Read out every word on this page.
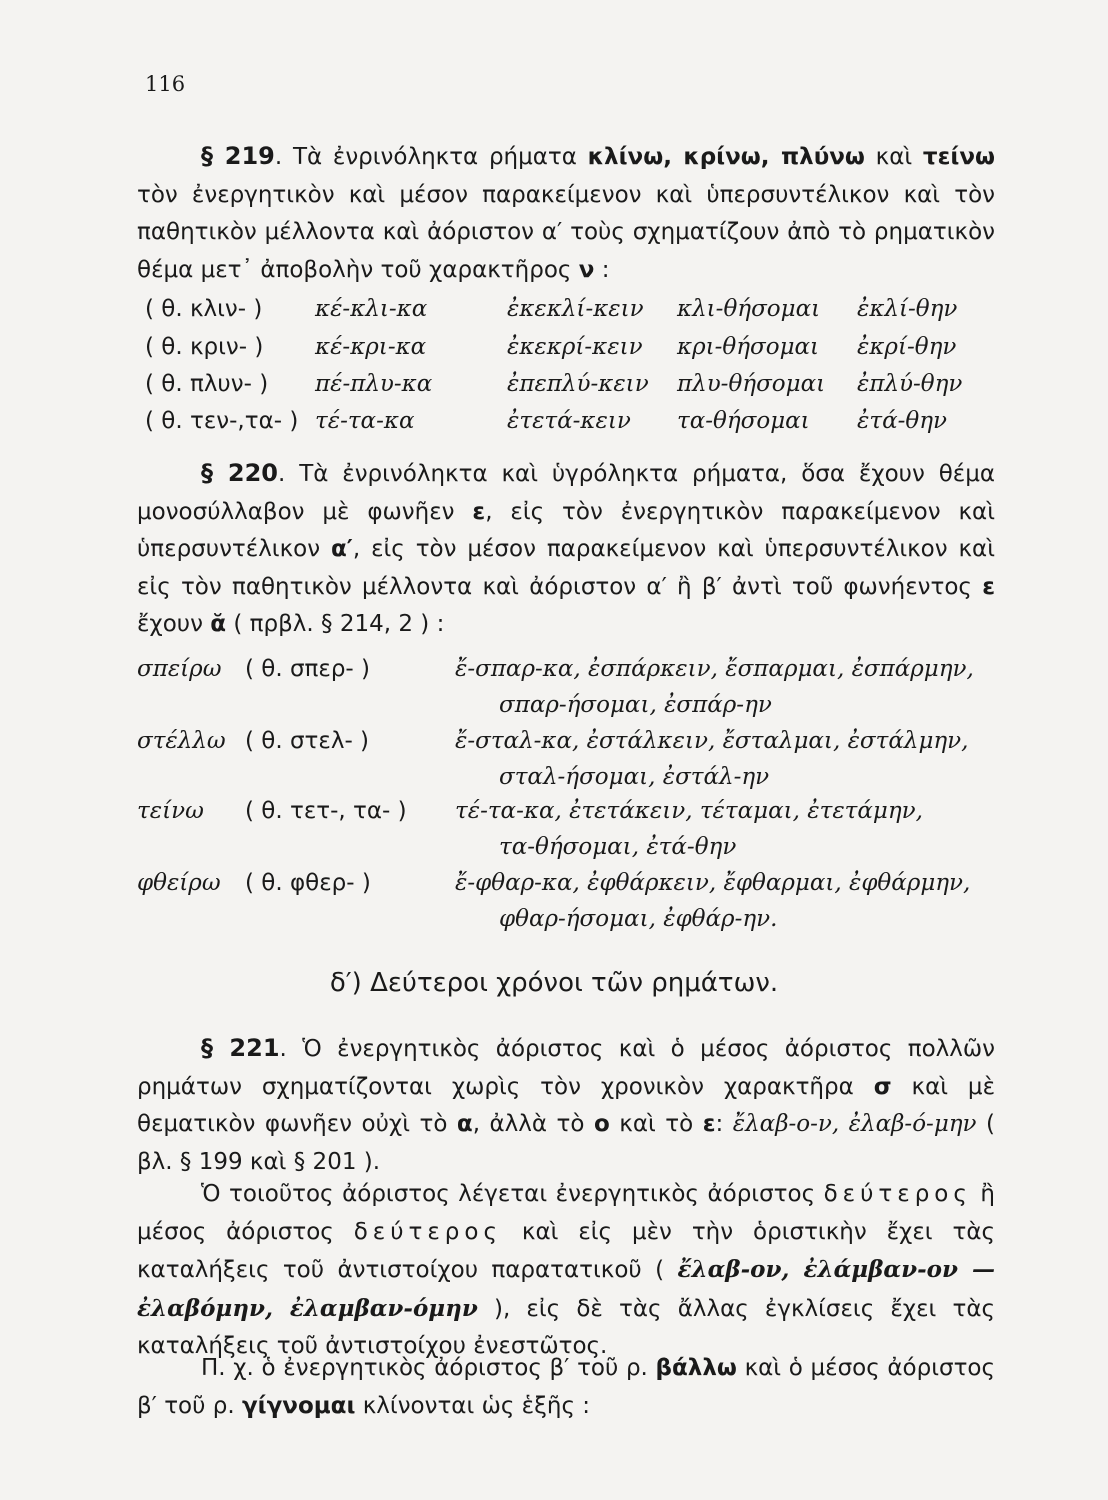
116
§ 219. Τὰ ἐνρινόληκτα ρήματα κλίνω, κρίνω, πλύνω καὶ τείνω τὸν ἐνεργητικὸν καὶ μέσον παρακείμενον καὶ ὑπερσυντέλικον καὶ τὸν παθητικὸν μέλλοντα καὶ ἀόριστον α′ τοὺς σχηματίζουν ἀπὸ τὸ ρηματικὸν θέμα μετ᾿ ἀποβολὴν τοῦ χαρακτῆρος ν :
( θ. κλιν- ) κέ-κλι-κα	ἐκεκλί-κειν κλι-θήσομαι ἐκλί-θην
( θ. κριν- ) κέ-κρι-κα	ἐκεκρί-κειν κρι-θήσομαι ἐκρί-θην
( θ. πλυν- ) πέ-πλυ-κα	ἐπεπλύ-κειν πλυ-θήσομαι ἐπλύ-θην
( θ. τεν-,τα- ) τέ-τα-κα	ἐτετά-κειν τα-θήσομαι ἐτά-θην
§ 220. Τὰ ἐνρινόληκτα καὶ ὑγρόληκτα ρήματα, ὅσα ἔχουν θέμα μονοσύλλαβον μὲ φωνῆεν ε, εἰς τὸν ἐνεργητικὸν παρακείμενον καὶ ὑπερσυντέλικον α′, εἰς τὸν μέσον παρακείμενον καὶ ὑπερσυντέλικον καὶ εἰς τὸν παθητικὸν μέλλοντα καὶ ἀόριστον α′ ἢ β′ ἀντὶ τοῦ φωνήεντος ε ἔχουν ᾰ ( πρβλ. § 214, 2 ) :
σπείρω ( θ. σπερ- )	ἔ-σπαρ-κα, ἐσπάρκειν, ἔσπαρμαι, ἐσπάρμην,
σπαρ-ήσομαι, ἐσπάρ-ην
στέλλω ( θ. στελ- )	ἔ-σταλ-κα, ἐστάλκειν, ἔσταλμαι, ἐστάλμην,
σταλ-ήσομαι, ἐστάλ-ην
τείνω ( θ. τετ-, τα- ) τέ-τα-κα, ἐτετάκειν, τέταμαι, ἐτετάμην,
τα-θήσομαι, ἐτά-θην
φθείρω ( θ. φθερ- )	ἔ-φθαρ-κα, ἐφθάρκειν, ἔφθαρμαι, ἐφθάρμην,
φθαρ-ήσομαι, ἐφθάρ-ην.
δ′) Δεύτεροι χρόνοι τῶν ρημάτων.
§ 221. Ὁ ἐνεργητικὸς ἀόριστος καὶ ὁ μέσος ἀόριστος πολλῶν ρημάτων σχηματίζονται χωρὶς τὸν χρονικὸν χαρακτῆρα σ καὶ μὲ θεματικὸν φωνῆεν οὐχὶ τὸ α, ἀλλὰ τὸ ο καὶ τὸ ε: ἔλαβ-ο-ν, ἐλαβ-ό-μην ( βλ. § 199 καὶ § 201 ).
Ὁ τοιοῦτος ἀόριστος λέγεται ἐνεργητικὸς ἀόριστος δεύτερος ἢ μέσος ἀόριστος δεύτερος καὶ εἰς μὲν τὴν ὁριστικὴν ἔχει τὰς καταλήξεις τοῦ ἀντιστοίχου παρατατικοῦ ( ἔλαβ-ον, ἐλάμβαν-ον — ἐλαβόμην, ἐλαμβαν-όμην ), εἰς δὲ τὰς ἄλλας ἐγκλίσεις ἔχει τὰς καταλήξεις τοῦ ἀντιστοίχου ἐνεστῶτος.
Π. χ. ὁ ἐνεργητικὸς ἀόριστος β′ τοῦ ρ. βάλλω καὶ ὁ μέσος ἀόριστος β′ τοῦ ρ. γίγνομαι κλίνονται ὡς ἑξῆς :
